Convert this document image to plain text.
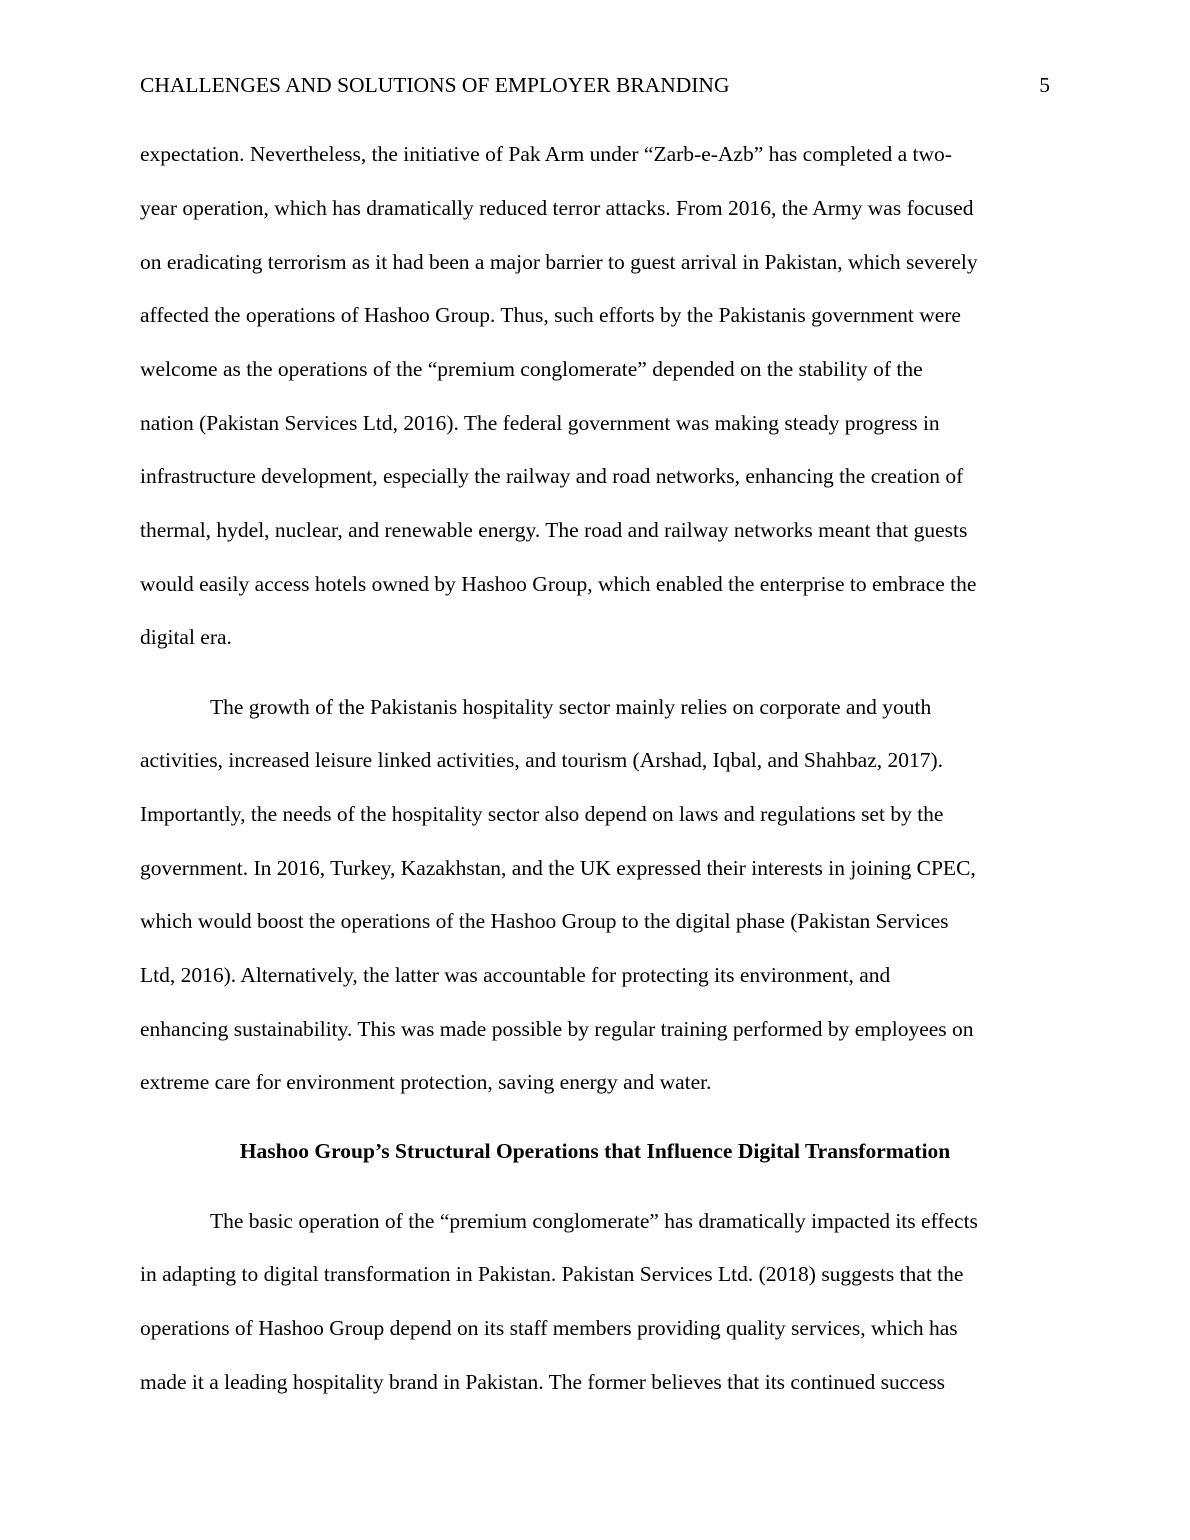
CHALLENGES AND SOLUTIONS OF EMPLOYER BRANDING	5
expectation. Nevertheless, the initiative of Pak Arm under “Zarb-e-Azb” has completed a two-
year operation, which has dramatically reduced terror attacks. From 2016, the Army was focused
on eradicating terrorism as it had been a major barrier to guest arrival in Pakistan, which severely
affected the operations of Hashoo Group. Thus, such efforts by the Pakistanis government were
welcome as the operations of the “premium conglomerate” depended on the stability of the
nation (Pakistan Services Ltd, 2016). The federal government was making steady progress in
infrastructure development, especially the railway and road networks, enhancing the creation of
thermal, hydel, nuclear, and renewable energy. The road and railway networks meant that guests
would easily access hotels owned by Hashoo Group, which enabled the enterprise to embrace the
digital era.
The growth of the Pakistanis hospitality sector mainly relies on corporate and youth
activities, increased leisure linked activities, and tourism (Arshad, Iqbal, and Shahbaz, 2017).
Importantly, the needs of the hospitality sector also depend on laws and regulations set by the
government. In 2016, Turkey, Kazakhstan, and the UK expressed their interests in joining CPEC,
which would boost the operations of the Hashoo Group to the digital phase (Pakistan Services
Ltd, 2016). Alternatively, the latter was accountable for protecting its environment, and
enhancing sustainability. This was made possible by regular training performed by employees on
extreme care for environment protection, saving energy and water.
Hashoo Group’s Structural Operations that Influence Digital Transformation
The basic operation of the “premium conglomerate” has dramatically impacted its effects
in adapting to digital transformation in Pakistan. Pakistan Services Ltd. (2018) suggests that the
operations of Hashoo Group depend on its staff members providing quality services, which has
made it a leading hospitality brand in Pakistan. The former believes that its continued success
